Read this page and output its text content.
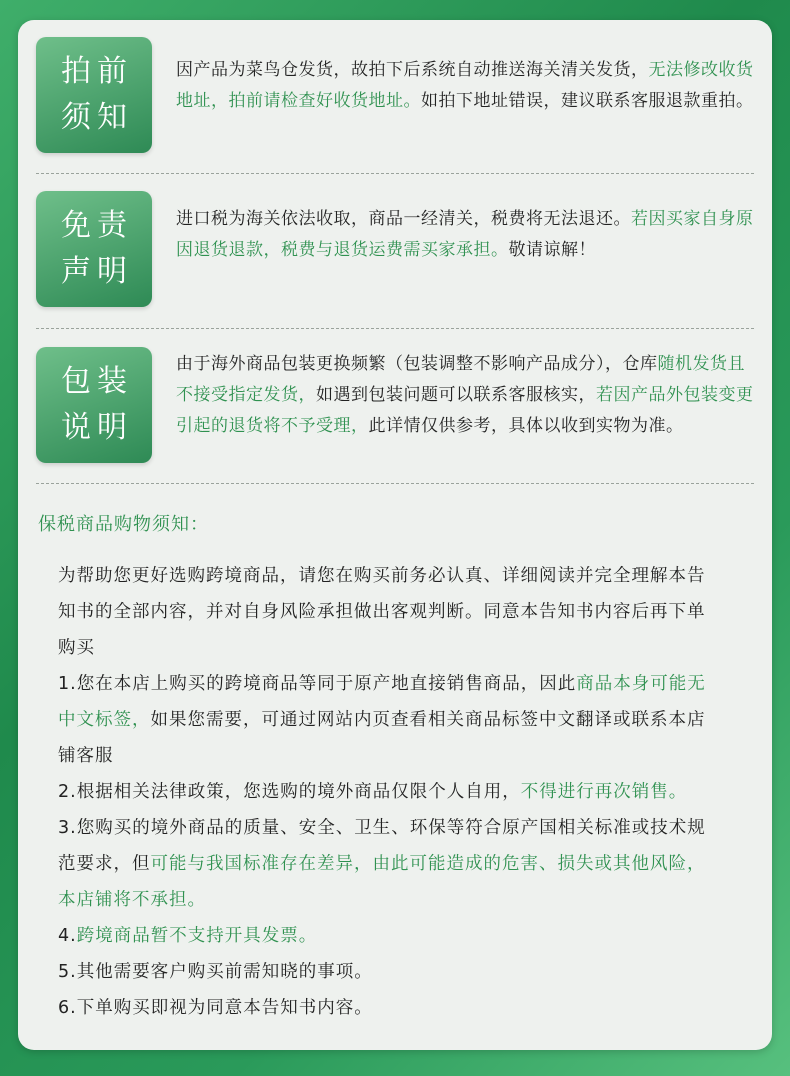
拍前
须知
因产品为菜鸟仓发货，故拍下后系统自动推送海关清关发货，无法修改收货地址，拍前请检查好收货地址。如拍下地址错误，建议联系客服退款重拍。
免责
声明
进口税为海关依法收取，商品一经清关，税费将无法退还。若因买家自身原因退货退款，税费与退货运费需买家承担。敬请谅解！
包装
说明
由于海外商品包装更换频繁（包装调整不影响产品成分），仓库随机发货且不接受指定发货，如遇到包装问题可以联系客服核实，若因产品外包装变更引起的退货将不予受理，此详情仅供参考，具体以收到实物为准。
保税商品购物须知：

为帮助您更好选购跨境商品，请您在购买前务必认真、详细阅读并完全理解本告知书的全部内容，并对自身风险承担做出客观判断。同意本告知书内容后再下单购买

1.您在本店上购买的跨境商品等同于原产地直接销售商品，因此商品本身可能无中文标签，如果您需要，可通过网站内页查看相关商品标签中文翻译或联系本店铺客服

2.根据相关法律政策，您选购的境外商品仅限个人自用，不得进行再次销售。

3.您购买的境外商品的质量、安全、卫生、环保等符合原产国相关标准或技术规范要求，但可能与我国标准存在差异，由此可能造成的危害、损失或其他风险，本店铺将不承担。

4.跨境商品暂不支持开具发票。

5.其他需要客户购买前需知晓的事项。

6.下单购买即视为同意本告知书内容。
